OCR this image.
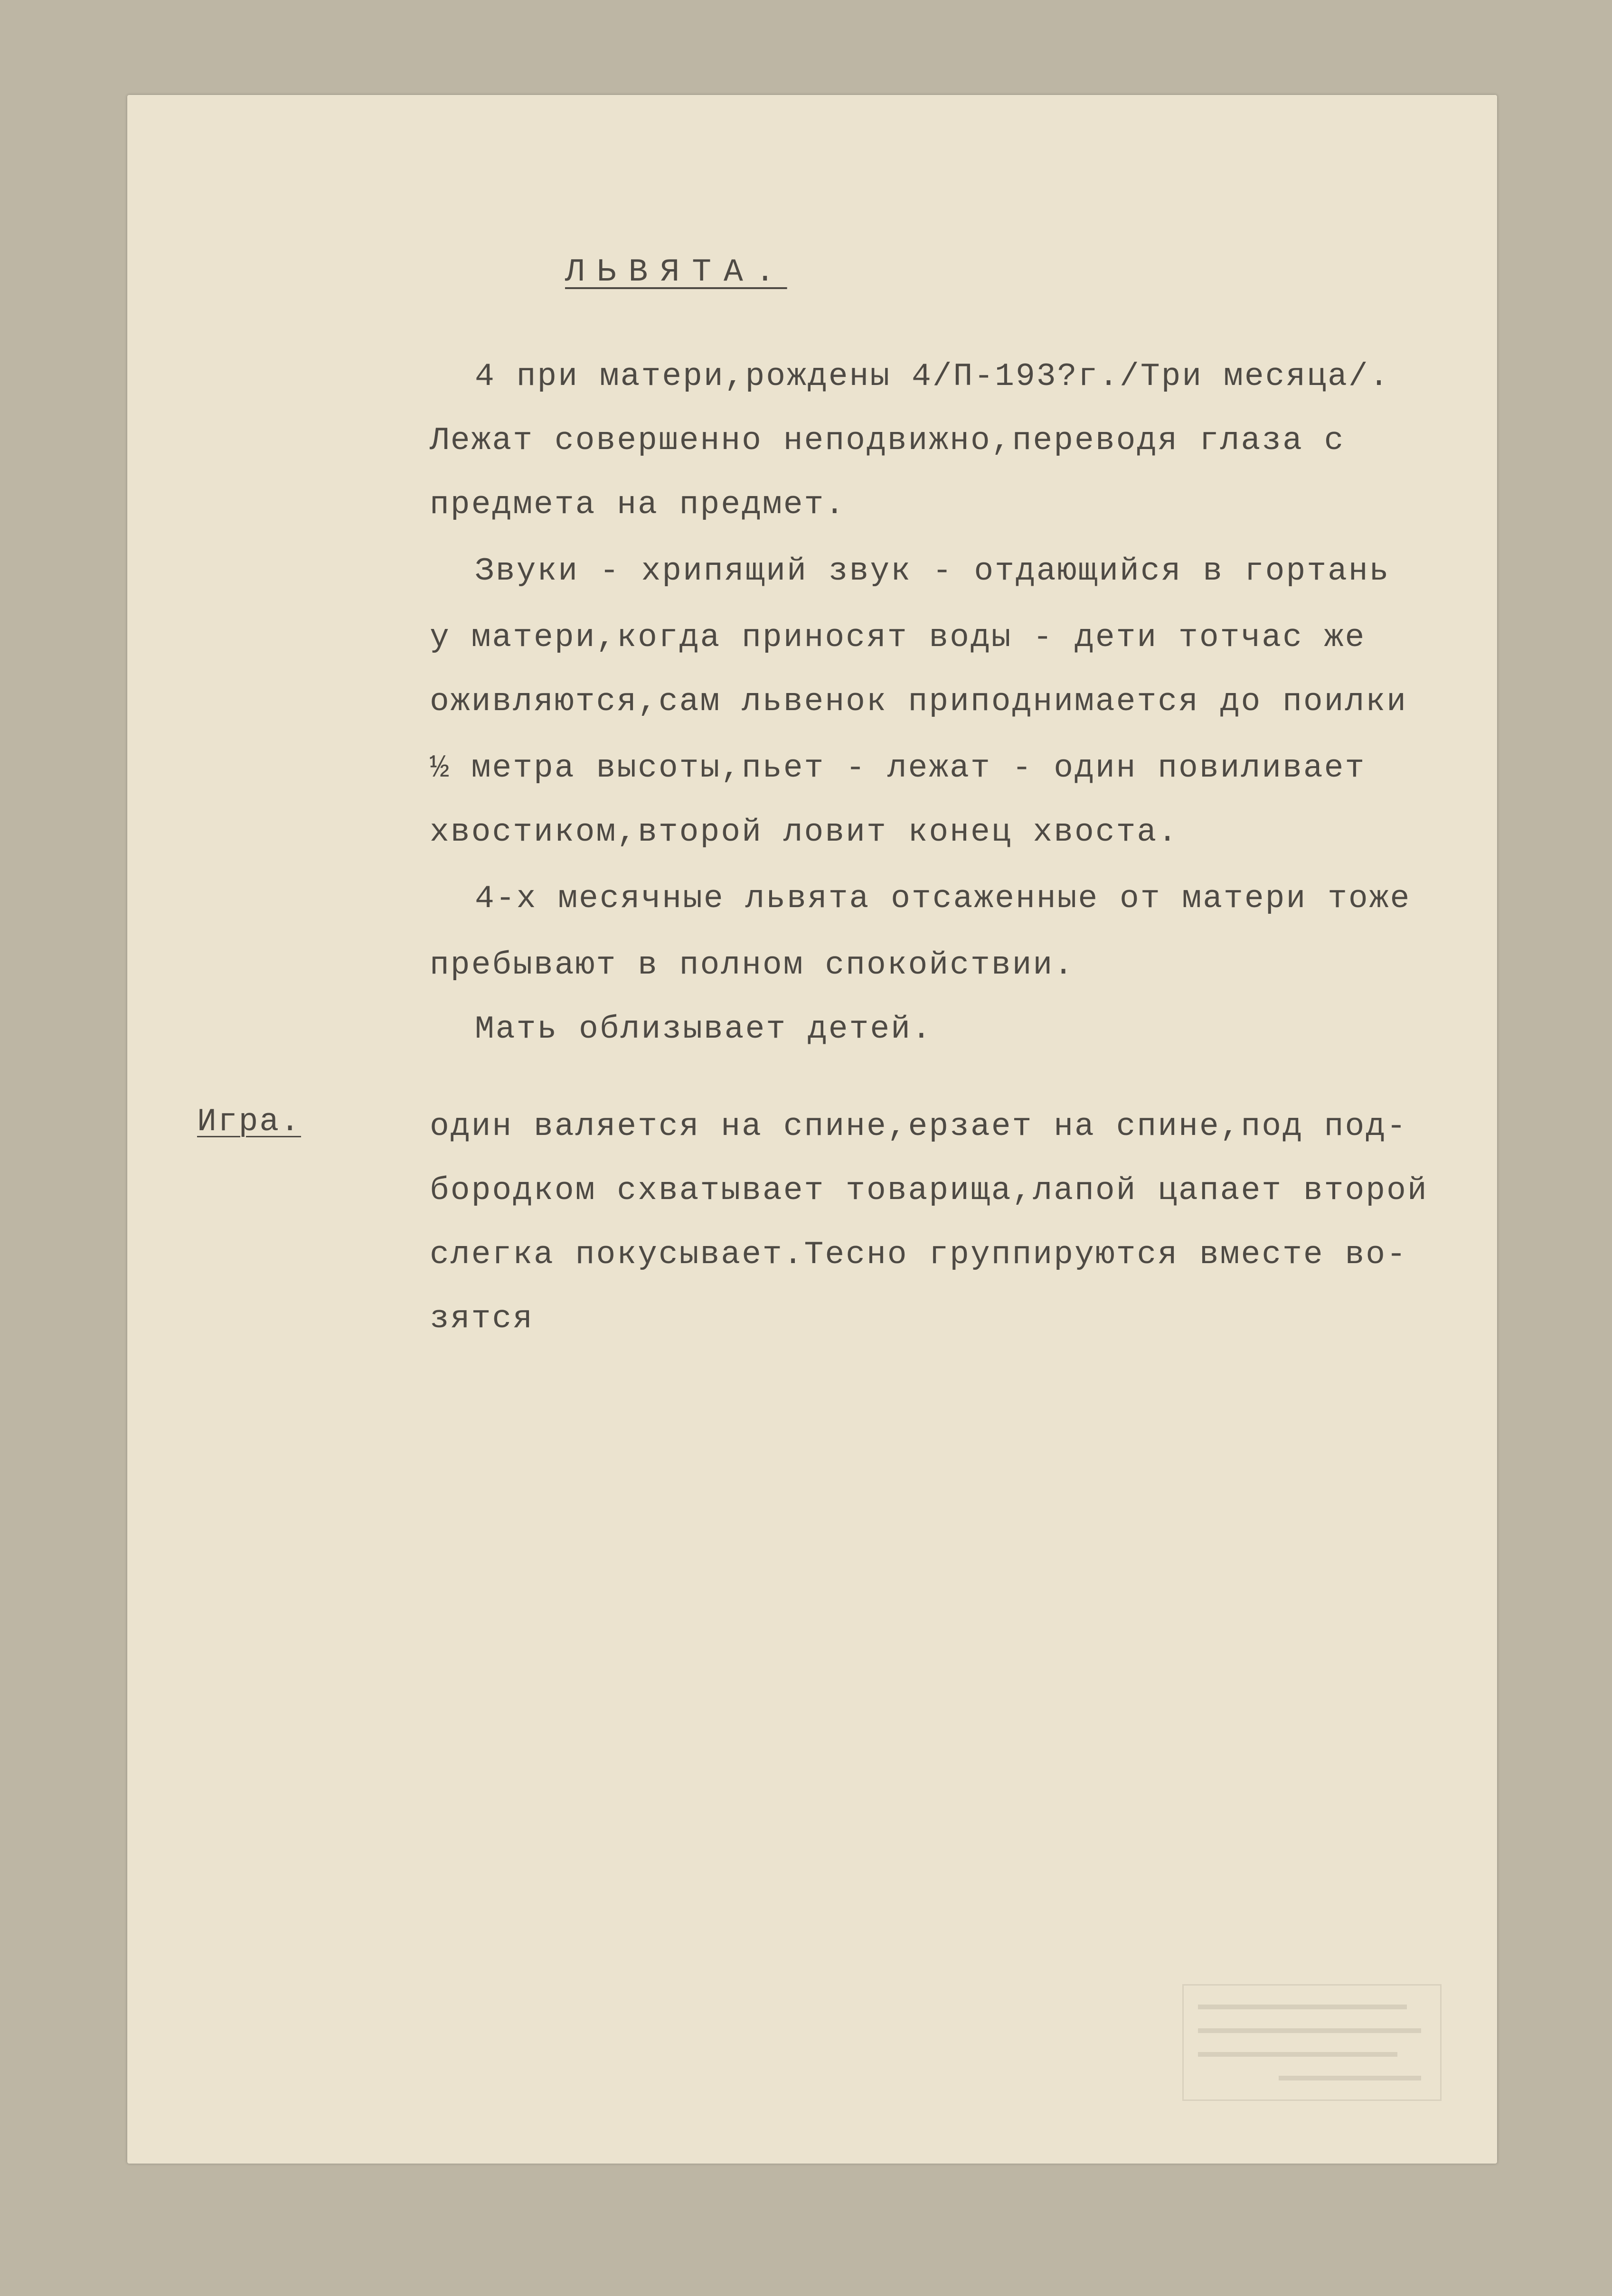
ЛЬВЯТА.
4 при матери,рождены 4/П-193?г./Три месяца/.
Лежат совершенно неподвижно,переводя глаза с
предмета на предмет.
Звуки - хрипящий звук - отдающийся в гортань
у матери,когда приносят воды - дети тотчас же
оживляются,сам львенок приподнимается до поилки
½ метра высоты,пьет - лежат - один повиливает
хвостиком,второй ловит конец хвоста.
4-х месячные львята отсаженные от матери тоже
пребывают в полном спокойствии.
Мать облизывает детей.
Игра.	один валяется на спине,ерзает на спине,под под-
бородком схватывает товарища,лапой цапает второй
слегка покусывает.Тесно группируются вместе во-
зятся
